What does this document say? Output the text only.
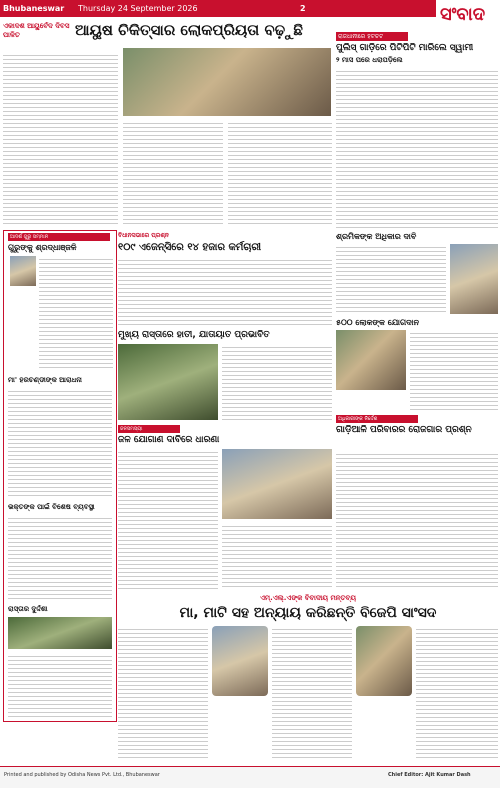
Bhubaneswar	Thursday 24 September 2026	2	ସଂବାଦ
ଏକାଦଶ ଆୟୁର୍ବେଦ ଦିବସ ପାଳିତ	ଆୟୁଷ ଚିକିତ୍ସାର ଲୋକପ୍ରିୟତା ବଢ଼ୁଛି	ରାଜଧାନୀରେ ହଟଚଟ
ପୁଲିସ୍ ଗାଡ଼ିରେ ପିଟିପିଟି ମାରିଲେ ସ୍ୱାମୀ
୨ ମାସ ପରେ ଧରାପଡ଼ିଲେ
ଆଦର୍ଶ ଗୁରୁ ସମ୍ମାନ
ଗୁରୁଙ୍କୁ ଶ୍ରଦ୍ଧାଞ୍ଜଳି
ମା' ହରଚଣ୍ଡୀଙ୍କ ଆରାଧନା
ଭକ୍ତଙ୍କ ପାଇଁ ବିଶେଷ ବ୍ୟବସ୍ଥା
ରାସ୍ତାର ଦୁର୍ଦ୍ଦଶା
ବିଧାନସଭାରେ ପ୍ରଶ୍ନ
୧୦୯ ଏଜେନ୍ସିରେ ୧୪ ହଜାର କର୍ମଚାରୀ
ଶ୍ରମିକଙ୍କ ଅଧିକାର ଦାବି
୫୦୦ ଲୋକଙ୍କ ଯୋଗଦାନ
ମୁଖ୍ୟ ରାସ୍ତାରେ ହାତୀ, ଯାତାୟାତ ପ୍ରଭାବିତ
ଜନସମସ୍ୟା
ଜଳ ଯୋଗାଣ ଦାବିରେ ଧାରଣା
ଅଧିକାରୀଙ୍କ ନିର୍ଦ୍ଦେଶ
ଗାଡ଼ିଆଳି ପରିବାରର ରୋଜଗାର ପ୍ରଶ୍ନ
ଏମ୍.ଏଲ୍.ଏଙ୍କ ବିବାଦୀୟ ମନ୍ତବ୍ୟ
ମା, ମାଟି ସହ ଅନ୍ୟାୟ କରିଛନ୍ତି ବିଜେପି ସାଂସଦ
Printed and published by Odisha News Pvt. Ltd., Bhubaneswar	Chief Editor: Ajit Kumar Dash
